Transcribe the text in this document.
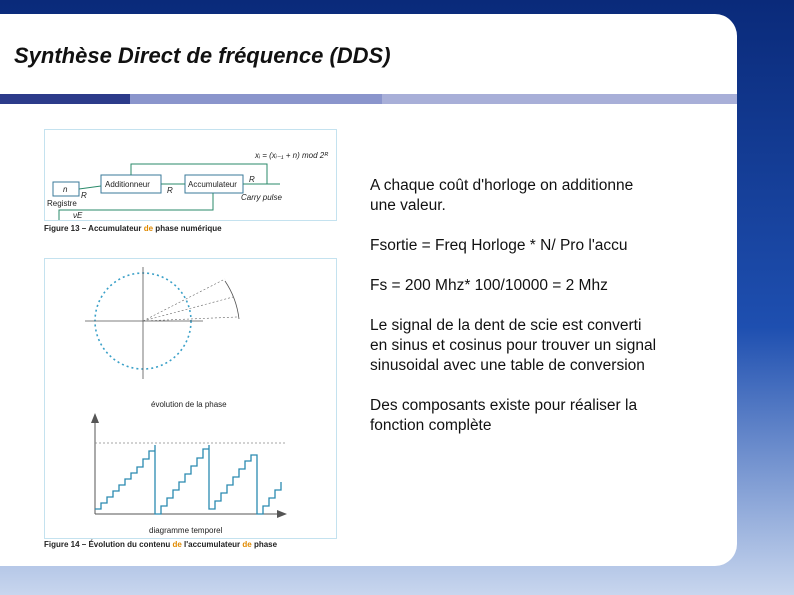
Synthèse Direct de fréquence (DDS)
Additionneur	Accumulateur
n
Registre
R
R
R
νE
xᵢ = (xᵢ₋₁ + n) mod 2ᴿ
Carry pulse
Figure 13 – Accumulateur de phase numérique
évolution de la phase
diagramme temporel
Figure 14 – Évolution du contenu de l'accumulateur de phase

A chaque coût d'horloge on additionne
une valeur.

Fsortie = Freq Horloge * N/ Pro l'accu

Fs = 200 Mhz* 100/10000 = 2 Mhz

Le signal de la dent de scie est converti
en sinus et cosinus pour trouver un signal
sinusoidal avec une table de conversion

Des composants existe pour réaliser la
fonction complète
